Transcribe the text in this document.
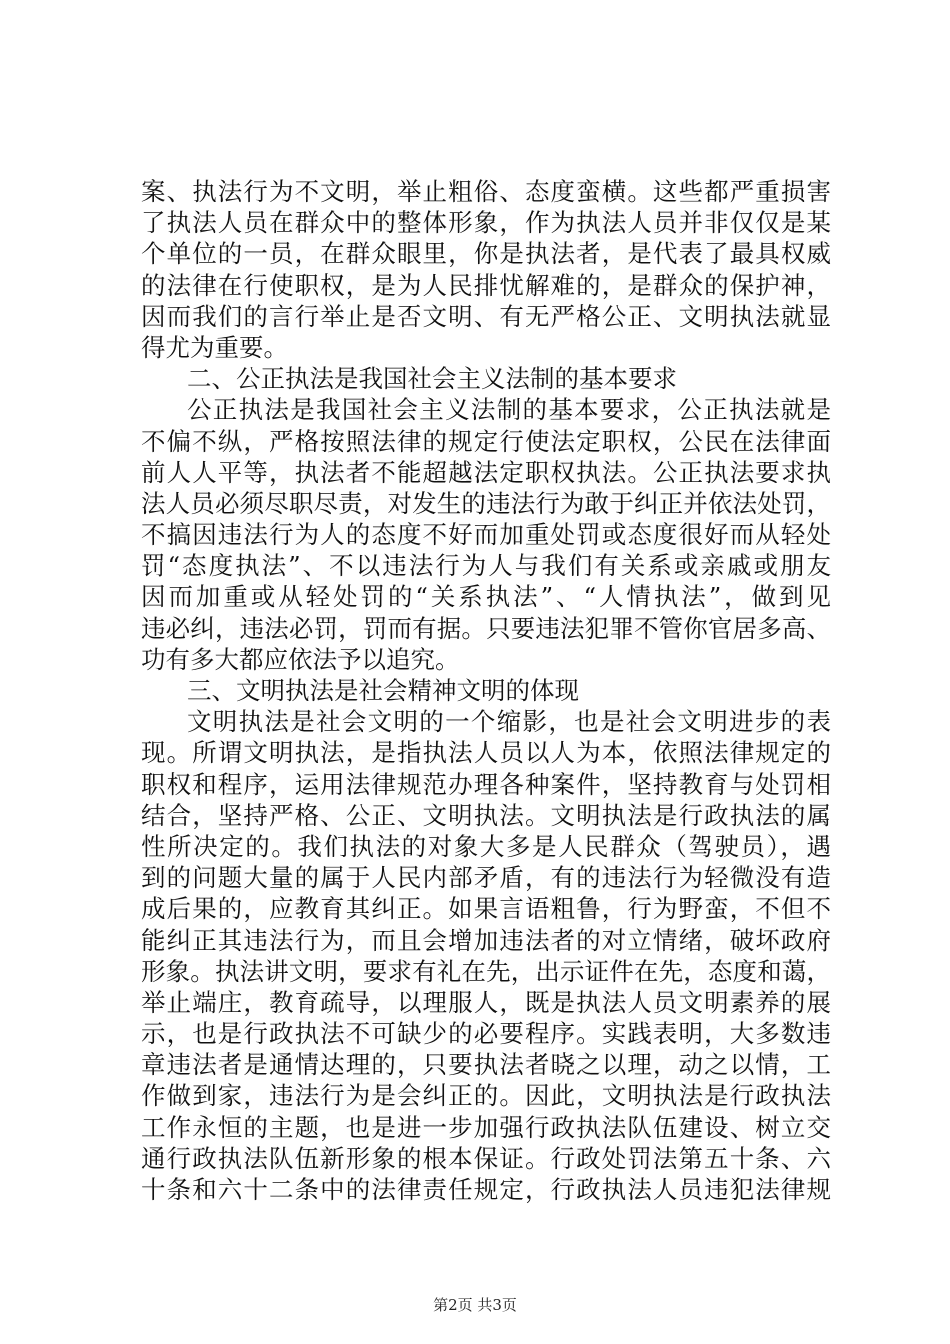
案、执法行为不文明，举止粗俗、态度蛮横。这些都严重损害
了执法人员在群众中的整体形象，作为执法人员并非仅仅是某
个单位的一员，在群众眼里，你是执法者，是代表了最具权威
的法律在行使职权，是为人民排忧解难的，是群众的保护神，
因而我们的言行举止是否文明、有无严格公正、文明执法就显
得尤为重要。
二、公正执法是我国社会主义法制的基本要求
公正执法是我国社会主义法制的基本要求，公正执法就是
不偏不纵，严格按照法律的规定行使法定职权，公民在法律面
前人人平等，执法者不能超越法定职权执法。公正执法要求执
法人员必须尽职尽责，对发生的违法行为敢于纠正并依法处罚，
不搞因违法行为人的态度不好而加重处罚或态度很好而从轻处
罚“态度执法”、不以违法行为人与我们有关系或亲戚或朋友
因而加重或从轻处罚的“关系执法”、“人情执法”，做到见
违必纠，违法必罚，罚而有据。只要违法犯罪不管你官居多高、
功有多大都应依法予以追究。
三、文明执法是社会精神文明的体现
文明执法是社会文明的一个缩影，也是社会文明进步的表
现。所谓文明执法，是指执法人员以人为本，依照法律规定的
职权和程序，运用法律规范办理各种案件，坚持教育与处罚相
结合，坚持严格、公正、文明执法。文明执法是行政执法的属
性所决定的。我们执法的对象大多是人民群众（驾驶员），遇
到的问题大量的属于人民内部矛盾，有的违法行为轻微没有造
成后果的，应教育其纠正。如果言语粗鲁，行为野蛮，不但不
能纠正其违法行为，而且会增加违法者的对立情绪，破坏政府
形象。执法讲文明，要求有礼在先，出示证件在先，态度和蔼，
举止端庄，教育疏导，以理服人，既是执法人员文明素养的展
示，也是行政执法不可缺少的必要程序。实践表明，大多数违
章违法者是通情达理的，只要执法者晓之以理，动之以情，工
作做到家，违法行为是会纠正的。因此，文明执法是行政执法
工作永恒的主题，也是进一步加强行政执法队伍建设、树立交
通行政执法队伍新形象的根本保证。行政处罚法第五十条、六
十条和六十二条中的法律责任规定，行政执法人员违犯法律规
第2页 共3页
